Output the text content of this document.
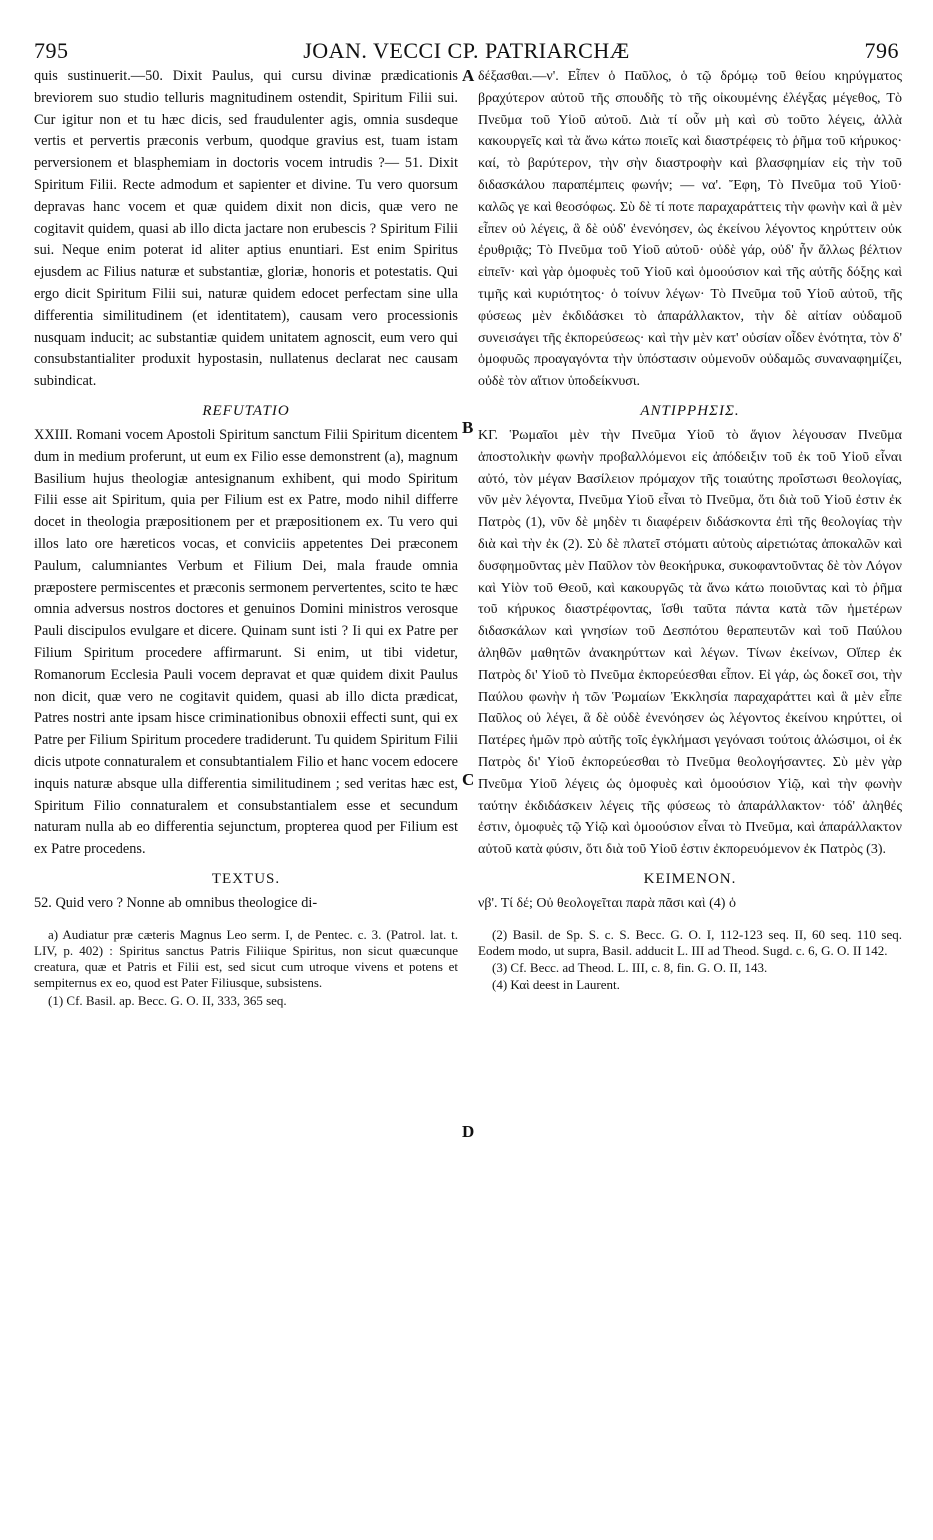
795	JOAN. VECCI CP. PATRIARCHÆ	796
A
B
C
D

quis sustinuerit.—50. Dixit Paulus, qui cursu divinæ prædicationis breviorem suo studio telluris magnitudinem ostendit, Spiritum Filii sui. Cur igitur non et tu hæc dicis, sed fraudulenter agis, omnia susdeque vertis et pervertis præconis verbum, quodque gravius est, tuam istam perversionem et blasphemiam in doctoris vocem intrudis ?— 51. Dixit Spiritum Filii. Recte admodum et sapienter et divine. Tu vero quorsum depravas hanc vocem et quæ quidem dixit non dicis, quæ vero ne cogitavit quidem, quasi ab illo dicta jactare non erubescis ? Spiritum Filii sui. Neque enim poterat id aliter aptius enuntiari. Est enim Spiritus ejusdem ac Filius naturæ et substantiæ, gloriæ, honoris et potestatis. Qui ergo dicit Spiritum Filii sui, naturæ quidem edocet perfectam sine ulla differentia similitudinem (et identitatem), causam vero processionis nusquam inducit; ac substantiæ quidem unitatem agnoscit, eum vero qui consubstantialiter produxit hypostasin, nullatenus declarat nec causam subindicat.

REFUTATIO

XXIII. Romani vocem Apostoli Spiritum sanctum Filii Spiritum dicentem dum in medium proferunt, ut eum ex Filio esse demonstrent (a), magnum Basilium hujus theologiæ antesignanum exhibent, qui modo Spiritum Filii esse ait Spiritum, quia per Filium est ex Patre, modo nihil differre docet in theologia præpositionem per et præpositionem ex. Tu vero qui illos lato ore hæreticos vocas, et conviciis appetentes Dei præconem Paulum, calumniantes Verbum et Filium Dei, mala fraude omnia præpostere permiscentes et præconis sermonem pervertentes, scito te hæc omnia adversus nostros doctores et genuinos Domini ministros verosque Pauli discipulos evulgare et dicere. Quinam sunt isti ? Ii qui ex Patre per Filium Spiritum procedere affirmarunt. Si enim, ut tibi videtur, Romanorum Ecclesia Pauli vocem depravat et quæ quidem dixit Paulus non dicit, quæ vero ne cogitavit quidem, quasi ab illo dicta prædicat, Patres nostri ante ipsam hisce criminationibus obnoxii effecti sunt, qui ex Patre per Filium Spiritum procedere tradiderunt. Tu quidem Spiritum Filii dicis utpote connaturalem et consubtantialem Filio et hanc vocem edocere inquis naturæ absque ulla differentia similitudinem ; sed veritas hæc est, Spiritum Filio connaturalem et consubstantialem esse et secundum naturam nulla ab eo differentia sejunctum, propterea quod per Filium est ex Patre procedens.

TEXTUS.

52. Quid vero ? Nonne ab omnibus theologice di-

a) Audiatur præ cæteris Magnus Leo serm. I, de Pentec. c. 3. (Patrol. lat. t. LIV, p. 402) : Spiritus sanctus Patris Filiique Spiritus, non sicut quæcunque creatura, quæ et Patris et Filii est, sed sicut cum utroque vivens et potens et sempiternus ex eo, quod est Pater Filiusque, subsistens.

(1) Cf. Basil. ap. Becc. G. O. II, 333, 365 seq.

δέξασθαι.—ν'. Εἶπεν ὁ Παῦλος, ὁ τῷ δρόμῳ τοῦ θείου κηρύγματος βραχύτερον αὐτοῦ τῆς σπουδῆς τὸ τῆς οἰκουμένης ἐλέγξας μέγεθος, Τὸ Πνεῦμα τοῦ Υἱοῦ αὐτοῦ. Διὰ τί οὖν μὴ καὶ σὺ τοῦτο λέγεις, ἀλλὰ κακουργεῖς καὶ τὰ ἄνω κάτω ποιεῖς καὶ διαστρέφεις τὸ ῥῆμα τοῦ κήρυκος· καί, τὸ βαρύτερον, τὴν σὴν διαστροφὴν καὶ βλασφημίαν εἰς τὴν τοῦ διδασκάλου παραπέμπεις φωνήν; — να'. Ἔφη, Τὸ Πνεῦμα τοῦ Υἱοῦ· καλῶς γε καὶ θεοσόφως. Σὺ δὲ τί ποτε παραχαράττεις τὴν φωνὴν καὶ ἃ μὲν εἶπεν οὐ λέγεις, ἃ δὲ οὐδ' ἐνενόησεν, ὡς ἐκείνου λέγοντος κηρύττειν οὐκ ἐρυθριᾷς; Τὸ Πνεῦμα τοῦ Υἱοῦ αὐτοῦ· οὐδὲ γάρ, οὐδ' ἦν ἄλλως βέλτιον εἰπεῖν· καὶ γὰρ ὁμοφυὲς τοῦ Υἱοῦ καὶ ὁμοούσιον καὶ τῆς αὐτῆς δόξης καὶ τιμῆς καὶ κυριότητος· ὁ τοίνυν λέγων· Τὸ Πνεῦμα τοῦ Υἱοῦ αὐτοῦ, τῆς φύσεως μὲν ἐκδιδάσκει τὸ ἀπαράλλακτον, τὴν δὲ αἰτίαν οὐδαμοῦ συνεισάγει τῆς ἐκπορεύσεως· καὶ τὴν μὲν κατ' οὐσίαν οἶδεν ἑνότητα, τὸν δ' ὁμοφυῶς προαγαγόντα τὴν ὑπόστασιν οὐμενοῦν οὐδαμῶς συναναφημίζει, οὐδὲ τὸν αἴτιον ὑποδείκνυσι.

ΑΝΤΙΡΡΗΣΙΣ.

ΚΓ. Ῥωμαῖοι μὲν τὴν Πνεῦμα Υἱοῦ τὸ ἅγιον λέγουσαν Πνεῦμα ἀποστολικὴν φωνὴν προβαλλόμενοι εἰς ἀπόδειξιν τοῦ ἐκ τοῦ Υἱοῦ εἶναι αὐτό, τὸν μέγαν Βασίλειον πρόμαχον τῆς τοιαύτης προΐστωσι θεολογίας, νῦν μὲν λέγοντα, Πνεῦμα Υἱοῦ εἶναι τὸ Πνεῦμα, ὅτι διὰ τοῦ Υἱοῦ ἐστιν ἐκ Πατρὸς (1), νῦν δὲ μηδὲν τι διαφέρειν διδάσκοντα ἐπὶ τῆς θεολογίας τὴν διὰ καὶ τὴν ἐκ (2). Σὺ δὲ πλατεῖ στόματι αὐτοὺς αἱρετιώτας ἀποκαλῶν καὶ δυσφημοῦντας μὲν Παῦλον τὸν θεοκήρυκα, συκοφαντοῦντας δὲ τὸν Λόγον καὶ Υἱὸν τοῦ Θεοῦ, καὶ κακουργῶς τὰ ἄνω κάτω ποιοῦντας καὶ τὸ ῥῆμα τοῦ κήρυκος διαστρέφοντας, ἴσθι ταῦτα πάντα κατὰ τῶν ἡμετέρων διδασκάλων καὶ γνησίων τοῦ Δεσπότου θεραπευτῶν καὶ τοῦ Παύλου ἀληθῶν μαθητῶν ἀνακηρύττων καὶ λέγων. Τίνων ἐκείνων, Οἵπερ ἐκ Πατρὸς δι' Υἱοῦ τὸ Πνεῦμα ἐκπορεύεσθαι εἶπον. Εἰ γάρ, ὡς δοκεῖ σοι, τὴν Παύλου φωνὴν ἡ τῶν Ῥωμαίων Ἐκκλησία παραχαράττει καὶ ἃ μὲν εἶπε Παῦλος οὐ λέγει, ἃ δὲ οὐδὲ ἐνενόησεν ὡς λέγοντος ἐκείνου κηρύττει, οἱ Πατέρες ἡμῶν πρὸ αὐτῆς τοῖς ἐγκλήμασι γεγόνασι τούτοις ἁλώσιμοι, οἱ ἐκ Πατρὸς δι' Υἱοῦ ἐκπορεύεσθαι τὸ Πνεῦμα θεολογήσαντες. Σὺ μὲν γὰρ Πνεῦμα Υἱοῦ λέγεις ὡς ὁμοφυὲς καὶ ὁμοούσιον Υἱῷ, καὶ τὴν φωνὴν ταύτην ἐκδιδάσκειν λέγεις τῆς φύσεως τὸ ἀπαράλλακτον· τόδ' ἀληθές ἐστιν, ὁμοφυὲς τῷ Υἱῷ καὶ ὁμοούσιον εἶναι τὸ Πνεῦμα, καὶ ἀπαράλλακτον αὐτοῦ κατὰ φύσιν, ὅτι διὰ τοῦ Υἱοῦ ἐστιν ἐκπορευόμενον ἐκ Πατρὸς (3).

ΚΕΙΜΕΝΟΝ.

νβ'. Τί δέ; Οὐ θεολογεῖται παρὰ πᾶσι καὶ (4) ὁ

(2) Basil. de Sp. S. c. S. Becc. G. O. I, 112-123 seq. II, 60 seq. 110 seq. Eodem modo, ut supra, Basil. adducit L. III ad Theod. Sugd. c. 6, G. O. II 142.

(3) Cf. Becc. ad Theod. L. III, c. 8, fin. G. O. II, 143.

(4) Καὶ deest in Laurent.
